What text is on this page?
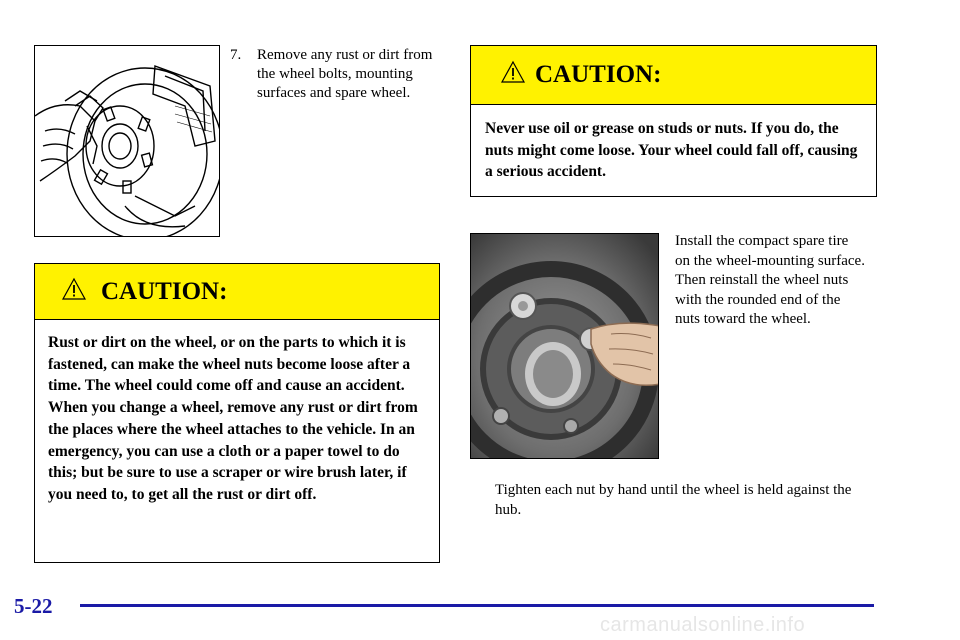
7. Remove any rust or dirt from the wheel bolts, mounting surfaces and spare wheel.
CAUTION:
Rust or dirt on the wheel, or on the parts to which it is fastened, can make the wheel nuts become loose after a time. The wheel could come off and cause an accident. When you change a wheel, remove any rust or dirt from the places where the wheel attaches to the vehicle. In an emergency, you can use a cloth or a paper towel to do this; but be sure to use a scraper or wire brush later, if you need to, to get all the rust or dirt off.
CAUTION:
Never use oil or grease on studs or nuts. If you do, the nuts might come loose. Your wheel could fall off, causing a serious accident.
Install the compact spare tire on the wheel-mounting surface. Then reinstall the wheel nuts with the rounded end of the nuts toward the wheel.
Tighten each nut by hand until the wheel is held against the hub.
5-22
carmanualsonline.info
